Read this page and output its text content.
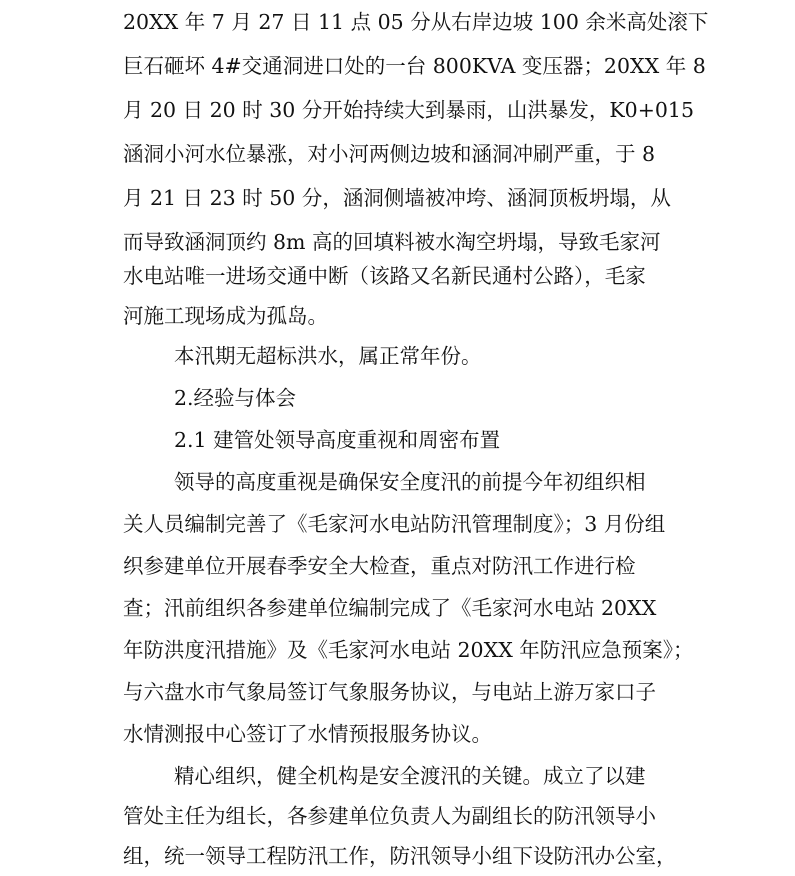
20XX 年 7 月 27 日 11 点 05 分从右岸边坡 100 余米高处滚下
巨石砸坏 4#交通洞进口处的一台 800KVA 变压器；20XX 年 8
月 20 日 20 时 30 分开始持续大到暴雨，山洪暴发，K0+015
涵洞小河水位暴涨，对小河两侧边坡和涵洞冲刷严重，于 8
月 21 日 23 时 50 分，涵洞侧墙被冲垮、涵洞顶板坍塌，从
而导致涵洞顶约 8m 高的回填料被水淘空坍塌，导致毛家河
水电站唯一进场交通中断（该路又名新民通村公路），毛家
河施工现场成为孤岛。
本汛期无超标洪水，属正常年份。
2.经验与体会
2.1 建管处领导高度重视和周密布置
领导的高度重视是确保安全度汛的前提今年初组织相
关人员编制完善了《毛家河水电站防汛管理制度》；3 月份组
织参建单位开展春季安全大检查，重点对防汛工作进行检
查；汛前组织各参建单位编制完成了《毛家河水电站 20XX
年防洪度汛措施》及《毛家河水电站 20XX 年防汛应急预案》；
与六盘水市气象局签订气象服务协议，与电站上游万家口子
水情测报中心签订了水情预报服务协议。
精心组织，健全机构是安全渡汛的关键。成立了以建
管处主任为组长，各参建单位负责人为副组长的防汛领导小
组，统一领导工程防汛工作，防汛领导小组下设防汛办公室，
